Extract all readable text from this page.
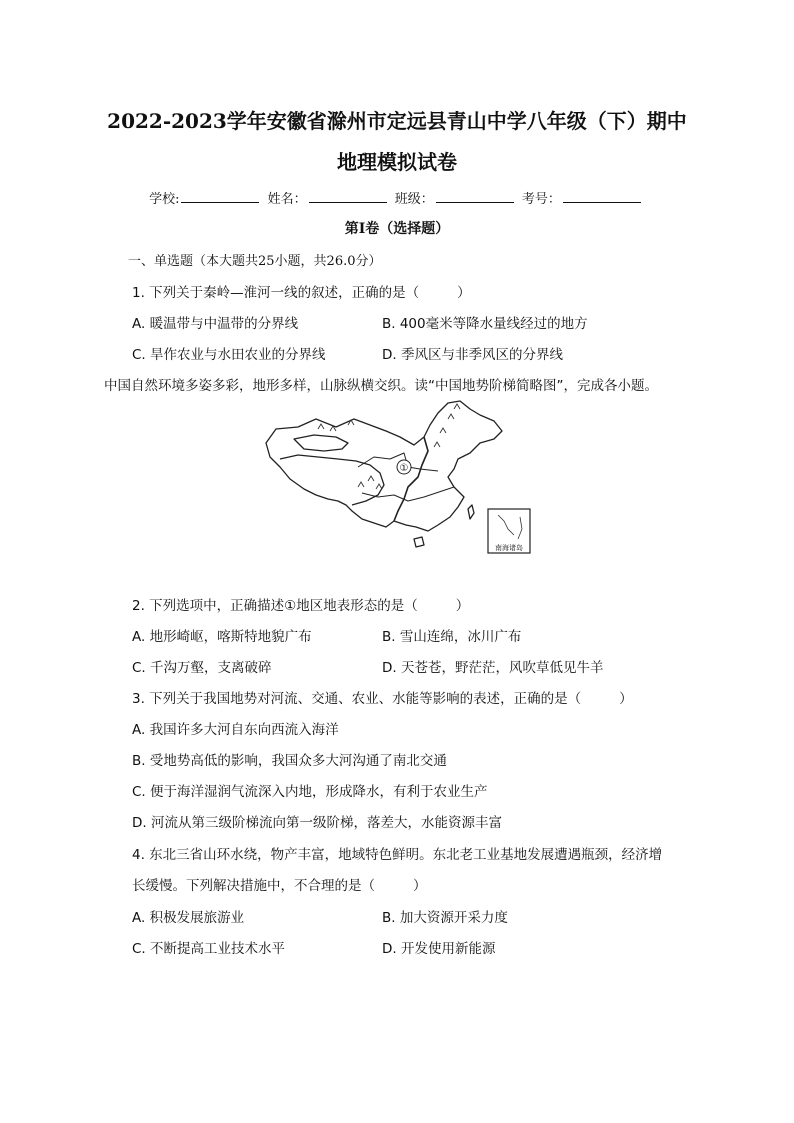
2022-2023学年安徽省滁州市定远县青山中学八年级（下）期中
地理模拟试卷
学校:	姓名：	班级：	考号：
第I卷（选择题）
一、单选题（本大题共25小题，共26.0分）
1. 下列关于秦岭—淮河一线的叙述，正确的是（	）
A. 暖温带与中温带的分界线	B. 400毫米等降水量线经过的地方
C. 旱作农业与水田农业的分界线	D. 季风区与非季风区的分界线
中国自然环境多姿多彩，地形多样，山脉纵横交织。读“中国地势阶梯简略图”，完成各小题。
①
南海诸岛
2. 下列选项中，正确描述①地区地表形态的是（	）
A. 地形崎岖，喀斯特地貌广布	B. 雪山连绵，冰川广布
C. 千沟万壑，支离破碎	D. 天苍苍，野茫茫，风吹草低见牛羊
3. 下列关于我国地势对河流、交通、农业、水能等影响的表述，正确的是（	）
A. 我国许多大河自东向西流入海洋
B. 受地势高低的影响，我国众多大河沟通了南北交通
C. 便于海洋湿润气流深入内地，形成降水，有利于农业生产
D. 河流从第三级阶梯流向第一级阶梯，落差大，水能资源丰富
4. 东北三省山环水绕，物产丰富，地域特色鲜明。东北老工业基地发展遭遇瓶颈，经济增
长缓慢。下列解决措施中，不合理的是（	）
A. 积极发展旅游业	B. 加大资源开采力度
C. 不断提高工业技术水平	D. 开发使用新能源
